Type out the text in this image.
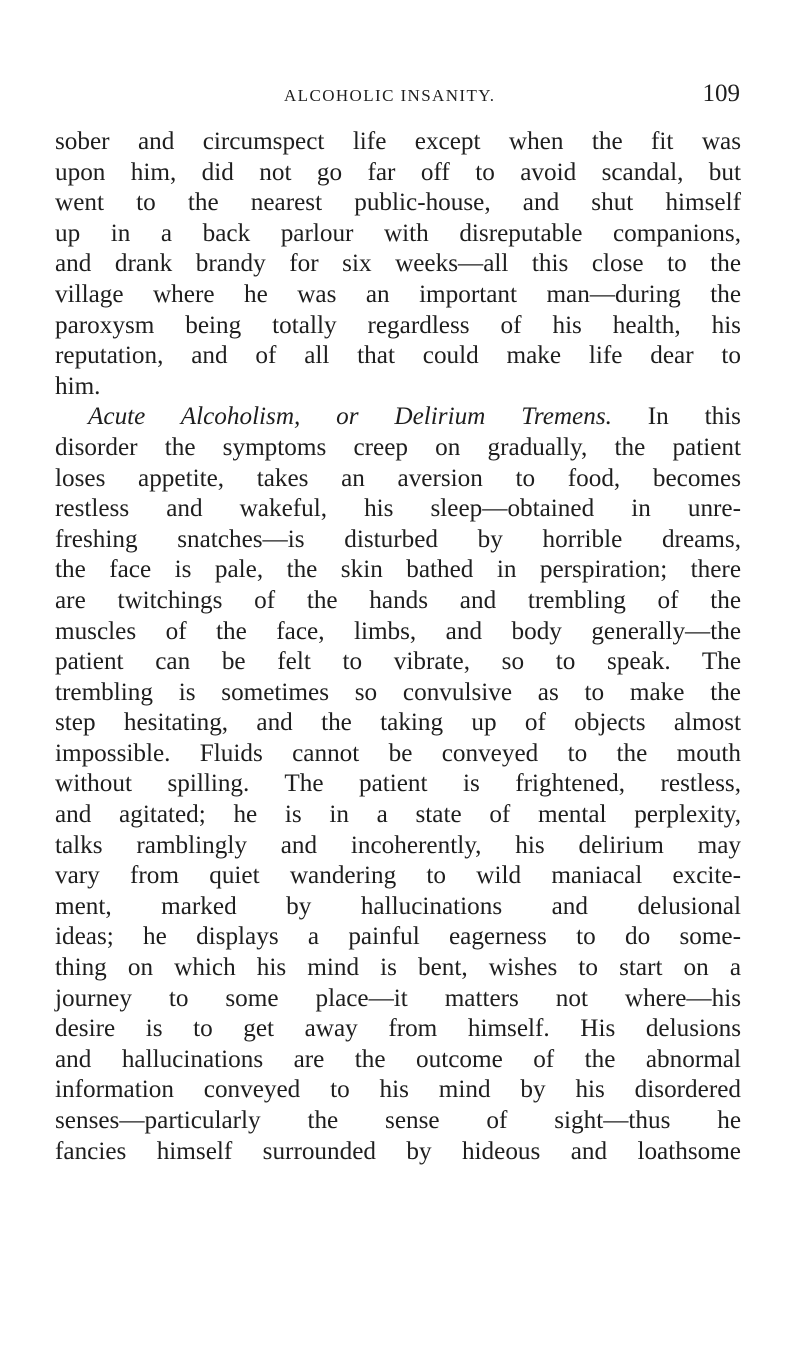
ALCOHOLIC INSANITY.	109
sober and circumspect life except when the fit was
upon him, did not go far off to avoid scandal, but
went to the nearest public-house, and shut himself
up in a back parlour with disreputable companions,
and drank brandy for six weeks—all this close to the
village where he was an important man—during the
paroxysm being totally regardless of his health, his
reputation, and of all that could make life dear to
him.
Acute Alcoholism, or Delirium Tremens. In this
disorder the symptoms creep on gradually, the patient
loses appetite, takes an aversion to food, becomes
restless and wakeful, his sleep—obtained in unre-
freshing snatches—is disturbed by horrible dreams,
the face is pale, the skin bathed in perspiration; there
are twitchings of the hands and trembling of the
muscles of the face, limbs, and body generally—the
patient can be felt to vibrate, so to speak. The
trembling is sometimes so convulsive as to make the
step hesitating, and the taking up of objects almost
impossible. Fluids cannot be conveyed to the mouth
without spilling. The patient is frightened, restless,
and agitated; he is in a state of mental perplexity,
talks ramblingly and incoherently, his delirium may
vary from quiet wandering to wild maniacal excite-
ment, marked by hallucinations and delusional
ideas; he displays a painful eagerness to do some-
thing on which his mind is bent, wishes to start on a
journey to some place—it matters not where—his
desire is to get away from himself. His delusions
and hallucinations are the outcome of the abnormal
information conveyed to his mind by his disordered
senses—particularly the sense of sight—thus he
fancies himself surrounded by hideous and loathsome
